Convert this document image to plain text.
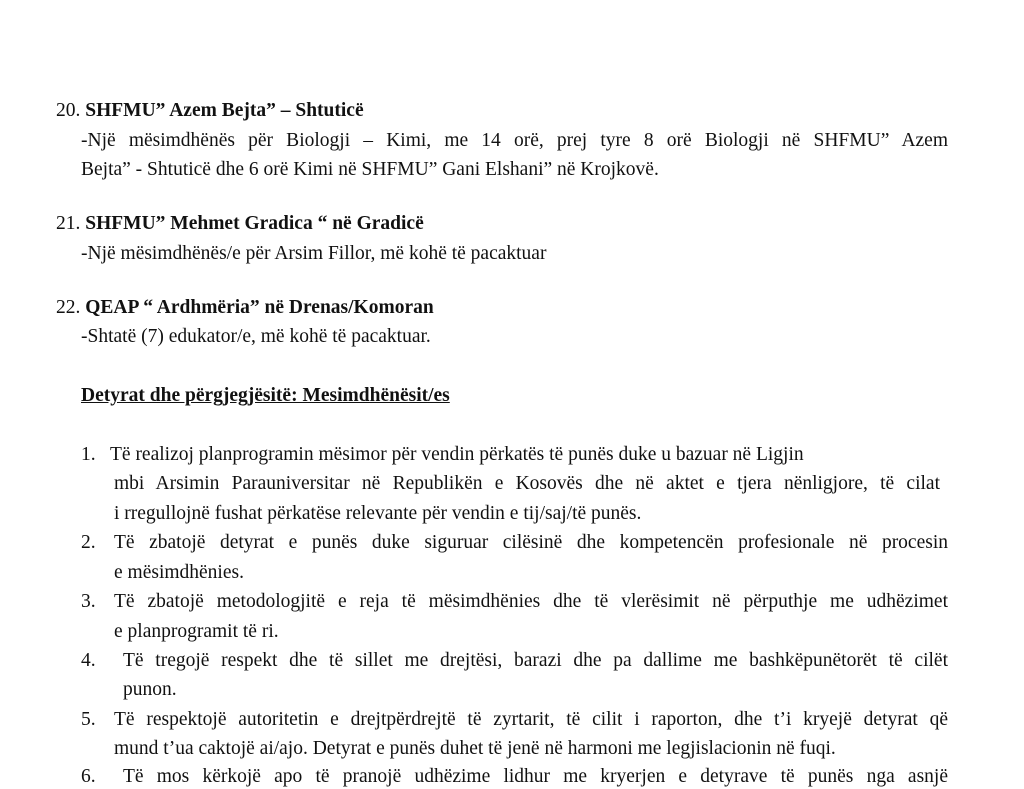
20. SHFMU” Azem Bejta” – Shtuticë
-Një mësimdhënës për Biologji – Kimi, me 14 orë, prej tyre 8 orë Biologji në SHFMU” Azem
Bejta” - Shtuticë dhe 6 orë Kimi në SHFMU” Gani Elshani” në Krojkovë.
21. SHFMU” Mehmet Gradica “ në Gradicë
-Një mësimdhënës/e për Arsim Fillor, më kohë të pacaktuar
22. QEAP “ Ardhmëria” në Drenas/Komoran
-Shtatë (7) edukator/e, më kohë të pacaktuar.
Detyrat dhe përgjegjësitë: Mesimdhënësit/es
1. Të realizoj planprogramin mësimor për vendin përkatës të punës duke u bazuar në Ligjin
mbi Arsimin Parauniversitar në Republikën e Kosovës dhe në aktet e tjera nënligjore, të cilat
i rregullojnë fushat përkatëse relevante për vendin e tij/saj/të punës.
2. Të zbatojë detyrat e punës duke siguruar cilësinë dhe kompetencën profesionale në procesin
e mësimdhënies.
3. Të zbatojë metodologjitë e reja të mësimdhënies dhe të vlerësimit në përputhje me udhëzimet
e planprogramit të ri.
4. Të tregojë respekt dhe të sillet me drejtësi, barazi dhe pa dallime me bashkëpunëtorët të cilët
punon.
5. Të respektojë autoritetin e drejtpërdrejtë të zyrtarit, të cilit i raporton, dhe t’i kryejë detyrat që
mund t’ua caktojë ai/ajo. Detyrat e punës duhet të jenë në harmoni me legjislacionin në fuqi.
6. Të mos kërkojë apo të pranojë udhëzime lidhur me kryerjen e detyrave të punës nga asnjë
